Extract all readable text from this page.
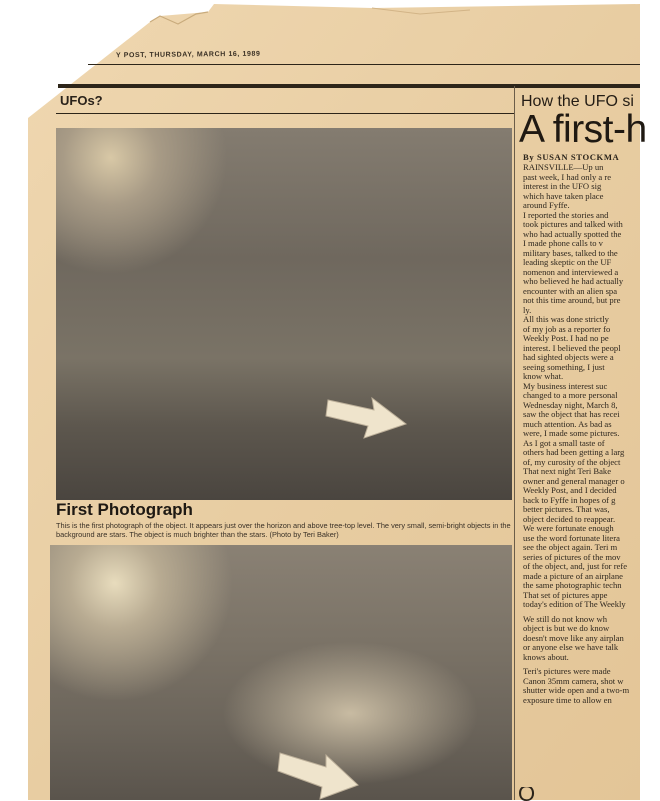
Y POST, THURSDAY, MARCH 16, 1989
UFOs?
First Photograph
This is the first photograph of the object. It appears just over the horizon and above tree-top level. The very small, semi-bright objects in the background are stars. The object is much brighter than the stars. (Photo by Teri Baker)
How the UFO si
A first-h
By SUSAN STOCKMA
RAINSVILLE—Up un
past week, I had only a re
interest in the UFO sig
which have taken place
around Fyffe.
I reported the stories and
took pictures and talked with
who had actually spotted the
I made phone calls to v
military bases, talked to the
leading skeptic on the UF
nomenon and interviewed a
who believed he had actually
encounter with an alien spa
not this time around, but pre
ly.
All this was done strictly
of my job as a reporter fo
Weekly Post. I had no pe
interest. I believed the peopl
had sighted objects were a
seeing something, I just
know what.
My business interest suc
changed to a more personal
Wednesday night, March 8,
saw the object that has recei
much attention. As bad as
were, I made some pictures.
As I got a small taste of
others had been getting a larg
of, my curosity of the object
That next night Teri Bake
owner and general manager o
Weekly Post, and I decided
back to Fyffe in hopes of g
better pictures. That was,
object decided to reappear.
We were fortunate enough
use the word fortunate litera
see the object again. Teri m
series of pictures of the mov
of the object, and, just for refe
made a picture of an airplane
the same photographic techn
That set of pictures appe
today's edition of The Weekly

We still do not know wh
object is but we do know
doesn't move like any airplan
or anyone else we have talk
knows about.

Teri's pictures were made
Canon 35mm camera, shot w
shutter wide open and a two-m
exposure time to allow en
O
